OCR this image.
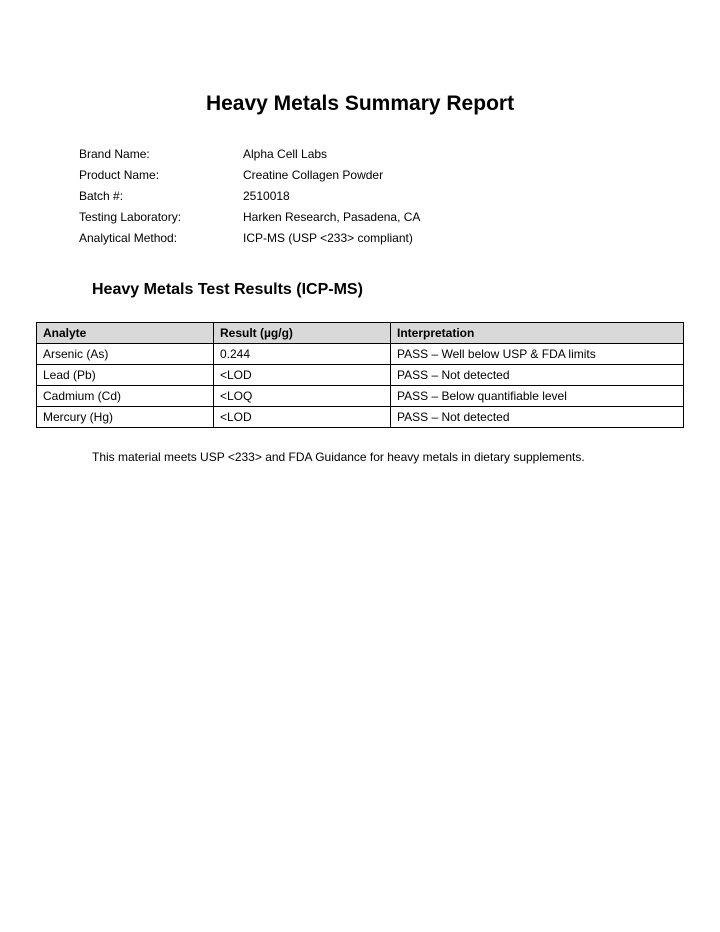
Heavy Metals Summary Report
Brand Name:	Alpha Cell Labs
Product Name:	Creatine Collagen Powder
Batch #:	2510018
Testing Laboratory:	Harken Research, Pasadena, CA
Analytical Method:	ICP-MS (USP <233> compliant)
Heavy Metals Test Results (ICP-MS)
Analyte	Result (µg/g)	Interpretation
Arsenic (As)	0.244	PASS – Well below USP & FDA limits
Lead (Pb)	<LOD	PASS – Not detected
Cadmium (Cd)	<LOQ	PASS – Below quantifiable level
Mercury (Hg)	<LOD	PASS – Not detected
This material meets USP <233> and FDA Guidance for heavy metals in dietary supplements.
